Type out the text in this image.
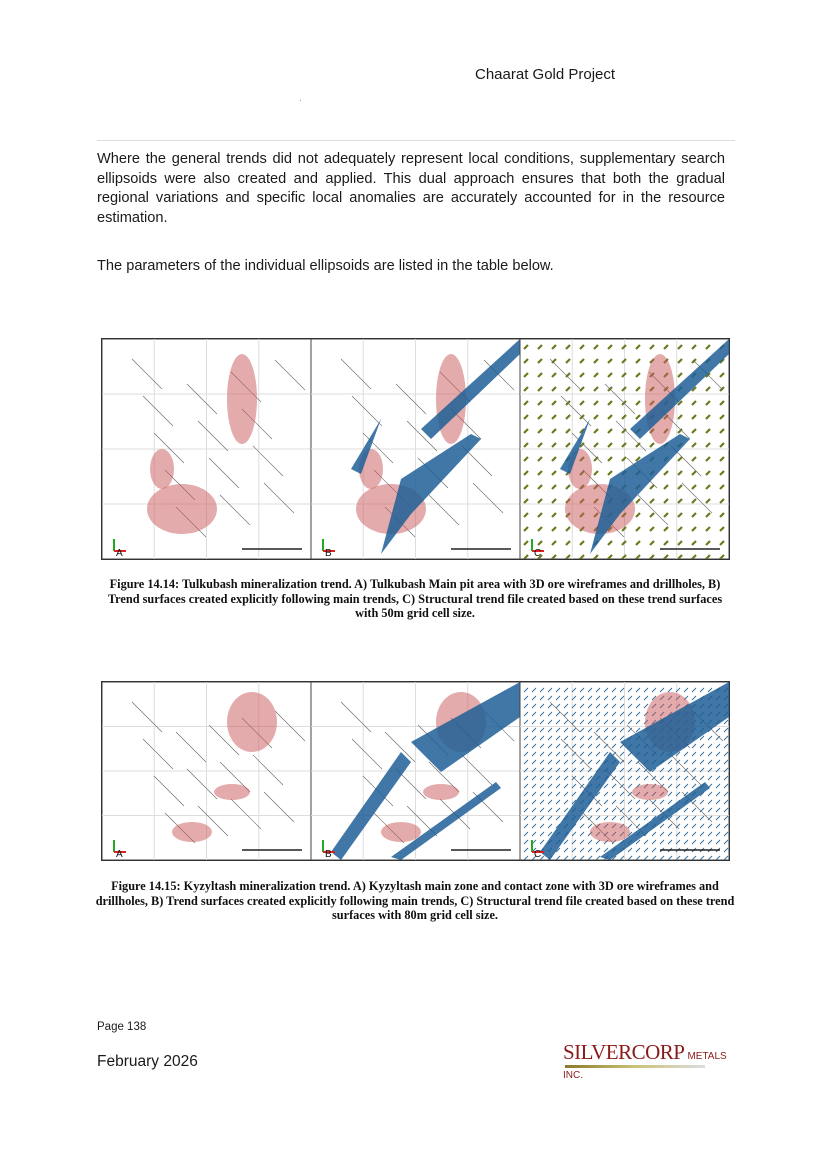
Chaarat Gold Project

Where the general trends did not adequately represent local conditions, supplementary search ellipsoids were also created and applied. This dual approach ensures that both the gradual regional variations and specific local anomalies are accurately accounted for in the resource estimation.

The parameters of the individual ellipsoids are listed in the table below.

A	B	C
Figure 14.14: Tulkubash mineralization trend. A) Tulkubash Main pit area with 3D ore wireframes and drillholes, B) Trend surfaces created explicitly following main trends, C) Structural trend file created based on these trend surfaces with 50m grid cell size.
A	B	C
Figure 14.15: Kyzyltash mineralization trend. A) Kyzyltash main zone and contact zone with 3D ore wireframes and drillholes, B) Trend surfaces created explicitly following main trends, C) Structural trend file created based on these trend surfaces with 80m grid cell size.
Page 138
February 2026	SILVERCORP METALS INC.
